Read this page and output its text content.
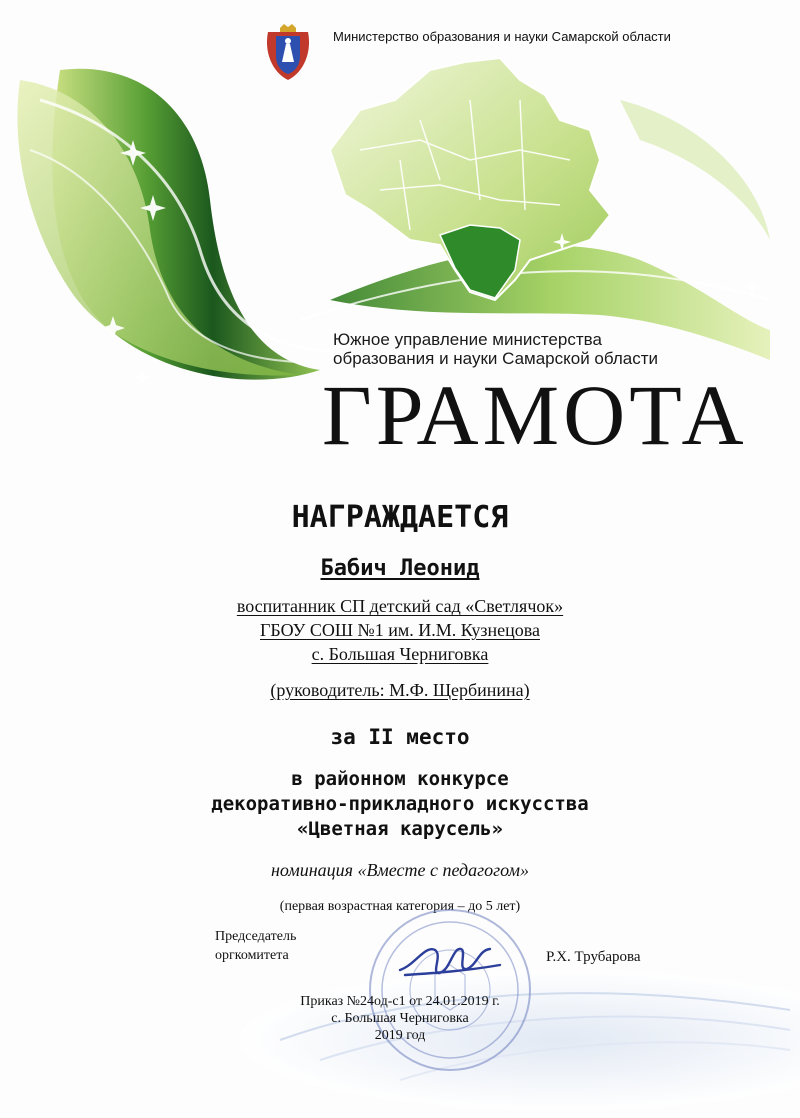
Министерство образования и науки Самарской области
Южное управление министерства
образования и науки Самарской области
ГРАМОТА
НАГРАЖДАЕТСЯ
Бабич Леонид
воспитанник СП детский сад «Светлячок»
ГБОУ СОШ №1 им. И.М. Кузнецова
с. Большая Черниговка
(руководитель: М.Ф. Щербинина)
за II место
в районном конкурсе
декоративно-прикладного искусства
«Цветная карусель»
номинация «Вместе с педагогом»
(первая возрастная категория – до 5 лет)
Председатель
оргкомитета	Р.Х. Трубарова
Приказ №24од-с1 от 24.01.2019 г.
с. Большая Черниговка
2019 год
